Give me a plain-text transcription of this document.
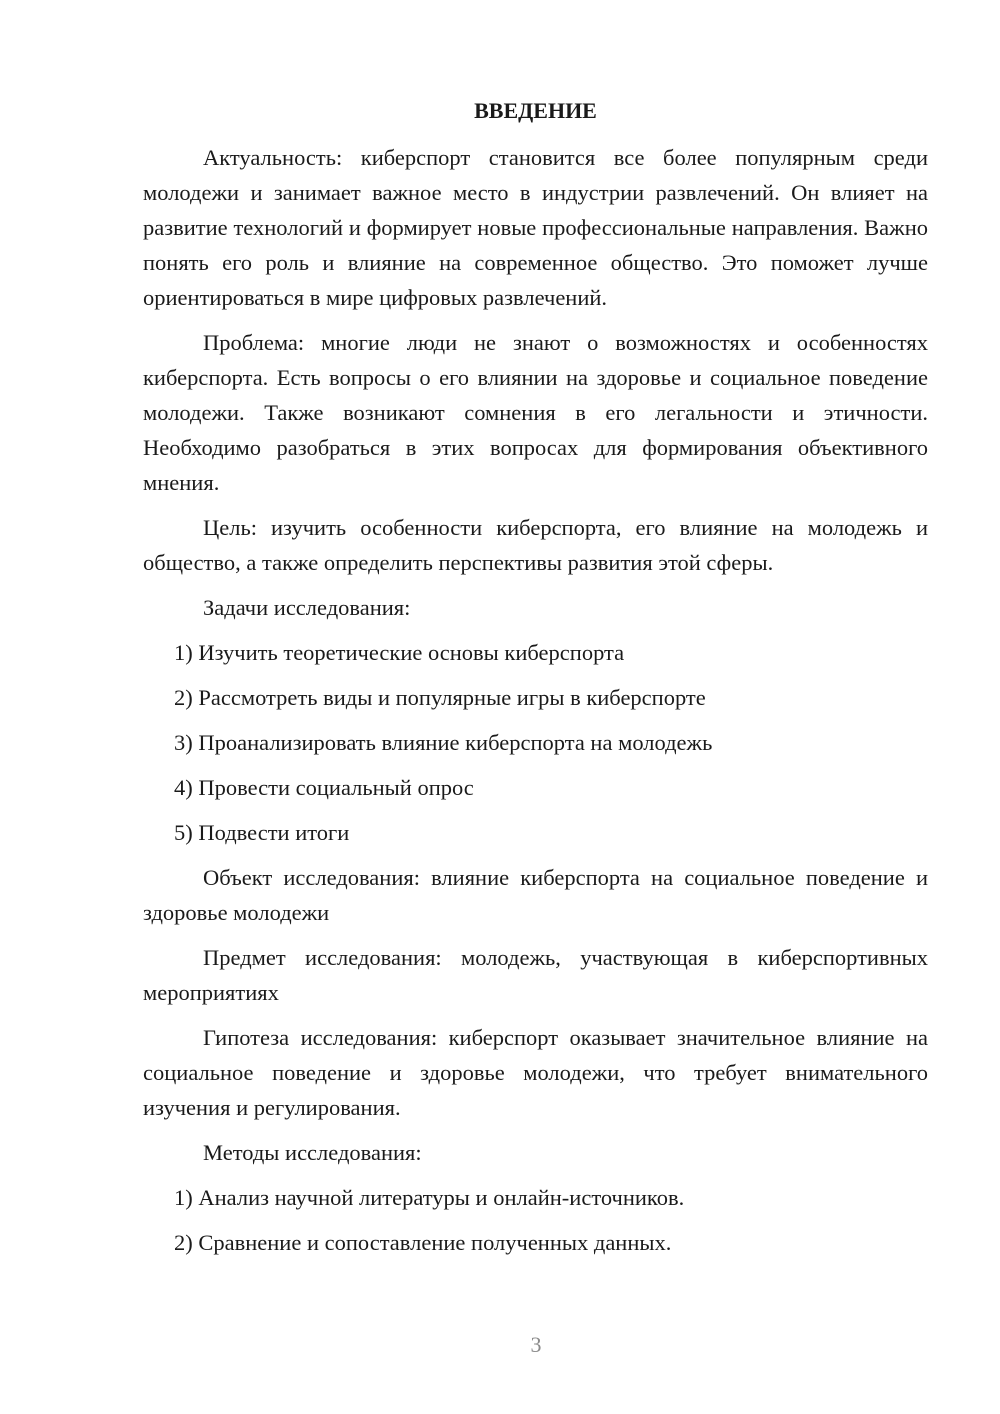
ВВЕДЕНИЕ

Актуальность: киберспорт становится все более популярным среди молодежи и занимает важное место в индустрии развлечений. Он влияет на развитие технологий и формирует новые профессиональные направления. Важно понять его роль и влияние на современное общество. Это поможет лучше ориентироваться в мире цифровых развлечений.

Проблема: многие люди не знают о возможностях и особенностях киберспорта. Есть вопросы о его влиянии на здоровье и социальное поведение молодежи. Также возникают сомнения в его легальности и этичности. Необходимо разобраться в этих вопросах для формирования объективного мнения.

Цель: изучить особенности киберспорта, его влияние на молодежь и общество, а также определить перспективы развития этой сферы.

Задачи исследования:

1) Изучить теоретические основы киберспорта
2) Рассмотреть виды и популярные игры в киберспорте
3) Проанализировать влияние киберспорта на молодежь
4) Провести социальный опрос
5) Подвести итоги

Объект исследования: влияние киберспорта на социальное поведение и здоровье молодежи

Предмет исследования: молодежь, участвующая в киберспортивных мероприятиях

Гипотеза исследования: киберспорт оказывает значительное влияние на социальное поведение и здоровье молодежи, что требует внимательного изучения и регулирования.

Методы исследования:

1) Анализ научной литературы и онлайн-источников.
2) Сравнение и сопоставление полученных данных.
3
